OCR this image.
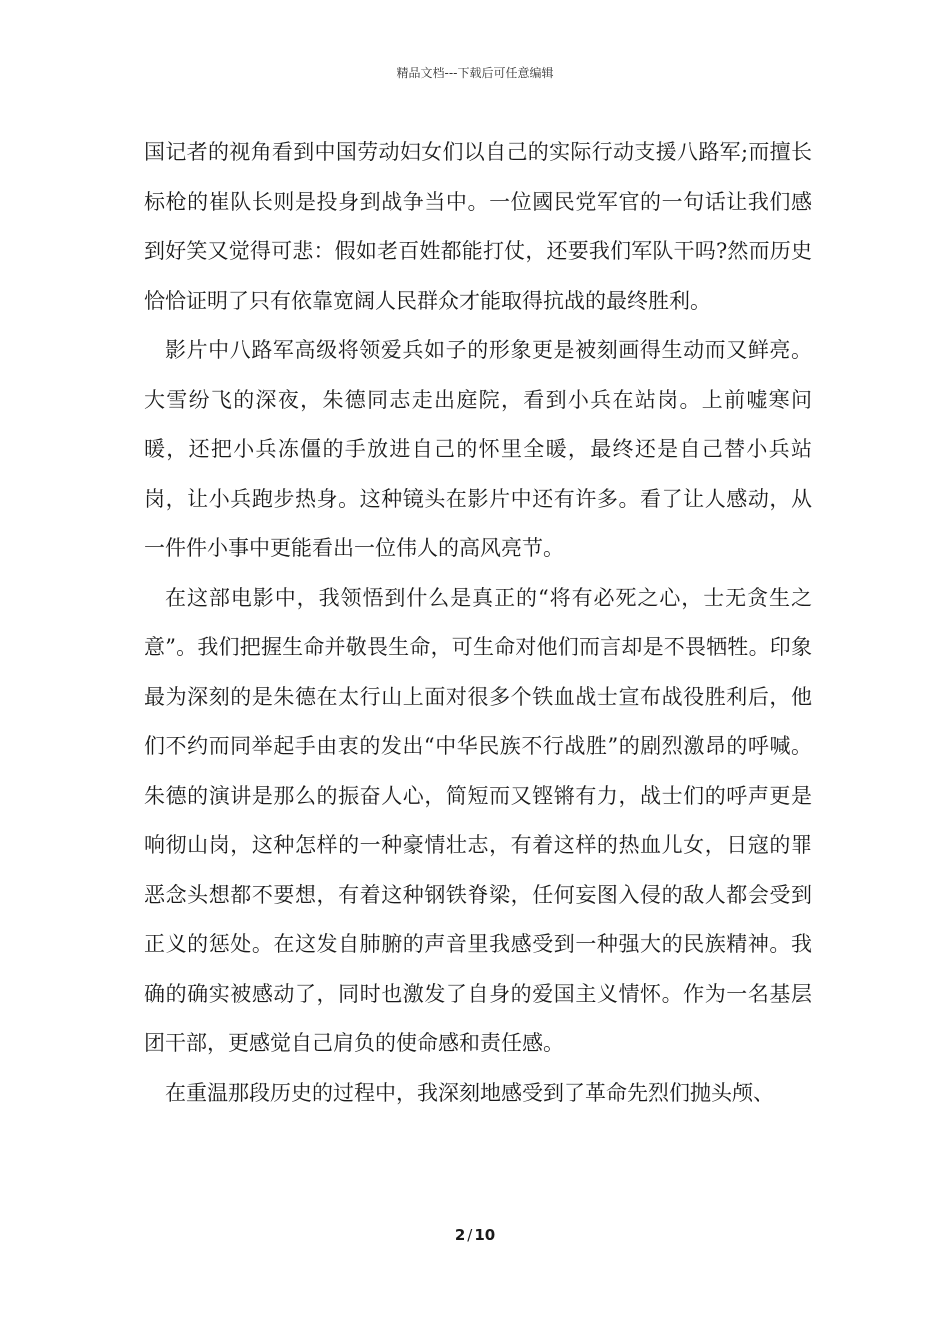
精品文档---下载后可任意编辑

国记者的视角看到中国劳动妇女们以自己的实际行动支援八路军;而擅长标枪的崔队长则是投身到战争当中。一位國民党军官的一句话让我们感到好笑又觉得可悲：假如老百姓都能打仗，还要我们军队干吗?然而历史恰恰证明了只有依靠宽阔人民群众才能取得抗战的最终胜利。

影片中八路军高级将领爱兵如子的形象更是被刻画得生动而又鲜亮。大雪纷飞的深夜，朱德同志走出庭院，看到小兵在站岗。上前嘘寒问暖，还把小兵冻僵的手放进自己的怀里全暖，最终还是自己替小兵站岗，让小兵跑步热身。这种镜头在影片中还有许多。看了让人感动，从一件件小事中更能看出一位伟人的高风亮节。

在这部电影中，我领悟到什么是真正的“将有必死之心，士无贪生之意”。我们把握生命并敬畏生命，可生命对他们而言却是不畏牺牲。印象最为深刻的是朱德在太行山上面对很多个铁血战士宣布战役胜利后，他们不约而同举起手由衷的发出“中华民族不行战胜”的剧烈激昂的呼喊。朱德的演讲是那么的振奋人心，简短而又铿锵有力，战士们的呼声更是响彻山岗，这种怎样的一种豪情壮志，有着这样的热血儿女，日寇的罪恶念头想都不要想，有着这种钢铁脊梁，任何妄图入侵的敌人都会受到正义的惩处。在这发自肺腑的声音里我感受到一种强大的民族精神。我确的确实被感动了，同时也激发了自身的爱国主义情怀。作为一名基层团干部，更感觉自己肩负的使命感和责任感。

在重温那段历史的过程中，我深刻地感受到了革命先烈们抛头颅、

2 / 10
